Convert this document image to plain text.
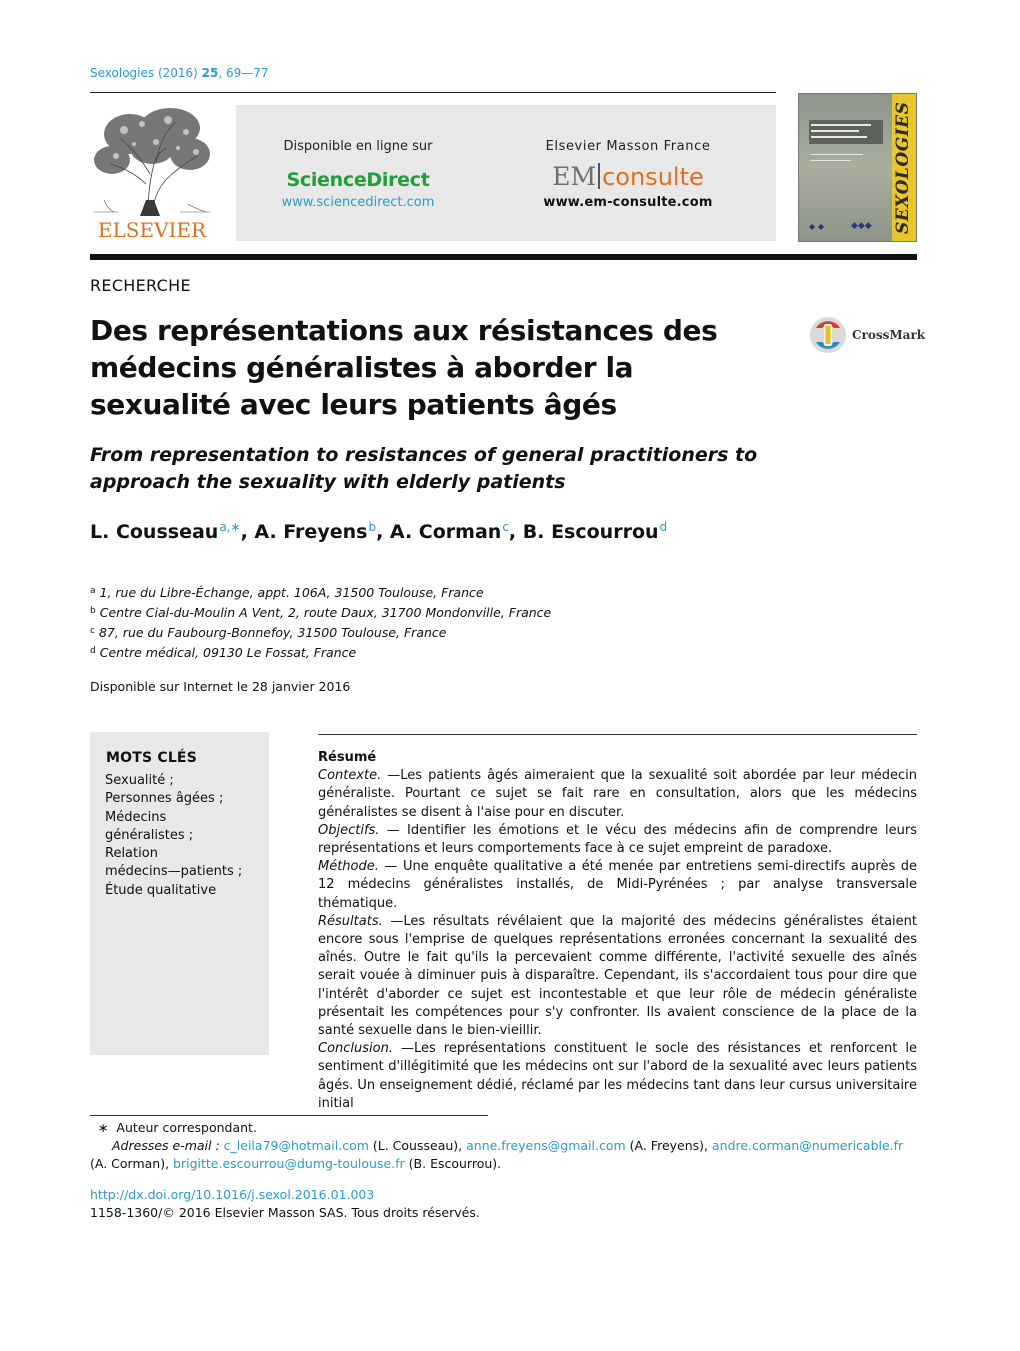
Sexologies (2016) 25, 69—77
ELSEVIER
Disponible en ligne sur
ScienceDirect
www.sciencedirect.com
Elsevier Masson France
EM consulte
www.em-consulte.com	SEXOLOGIES
◆ ◆	◆◆◆
RECHERCHE
Des représentations aux résistances des médecins généralistes à aborder la sexualité avec leurs patients âgés
CrossMark
From representation to resistances of general practitioners to approach the sexuality with elderly patients
L. Cousseau$^{a,∗}$, A. Freyens$^b$, A. Corman$^c$, B. Escourrou$^d$
$^a$ 1, rue du Libre-Échange, appt. 106A, 31500 Toulouse, France
$^b$ Centre Cial-du-Moulin A Vent, 2, route Daux, 31700 Mondonville, France
$^c$ 87, rue du Faubourg-Bonnefoy, 31500 Toulouse, France
$^d$ Centre médical, 09130 Le Fossat, France
Disponible sur Internet le 28 janvier 2016
MOTS CLÉS
Sexualité ;
Personnes âgées ;
Médecins
généralistes ;
Relation
médecins—patients ;
Étude qualitative
Résumé
Contexte. —Les patients âgés aimeraient que la sexualité soit abordée par leur médecin généraliste. Pourtant ce sujet se fait rare en consultation, alors que les médecins généralistes se disent à l'aise pour en discuter.
Objectifs. — Identifier les émotions et le vécu des médecins afin de comprendre leurs représentations et leurs comportements face à ce sujet empreint de paradoxe.
Méthode. — Une enquête qualitative a été menée par entretiens semi-directifs auprès de 12 médecins généralistes installés, de Midi-Pyrénées ; par analyse transversale thématique.
Résultats. —Les résultats révélaient que la majorité des médecins généralistes étaient encore sous l'emprise de quelques représentations erronées concernant la sexualité des aînés. Outre le fait qu'ils la percevaient comme différente, l'activité sexuelle des aînés serait vouée à diminuer puis à disparaître. Cependant, ils s'accordaient tous pour dire que l'intérêt d'aborder ce sujet est incontestable et que leur rôle de médecin généraliste présentait les compétences pour s'y confronter. Ils avaient conscience de la place de la santé sexuelle dans le bien-vieillir.
Conclusion. —Les représentations constituent le socle des résistances et renforcent le sentiment d'illégitimité que les médecins ont sur l'abord de la sexualité avec leurs patients âgés. Un enseignement dédié, réclamé par les médecins tant dans leur cursus universitaire initial
∗  Auteur correspondant.
Adresses e-mail : c_leila79@hotmail.com (L. Cousseau), anne.freyens@gmail.com (A. Freyens), andre.corman@numericable.fr
(A. Corman), brigitte.escourrou@dumg-toulouse.fr (B. Escourrou).
http://dx.doi.org/10.1016/j.sexol.2016.01.003
1158-1360/© 2016 Elsevier Masson SAS. Tous droits réservés.
